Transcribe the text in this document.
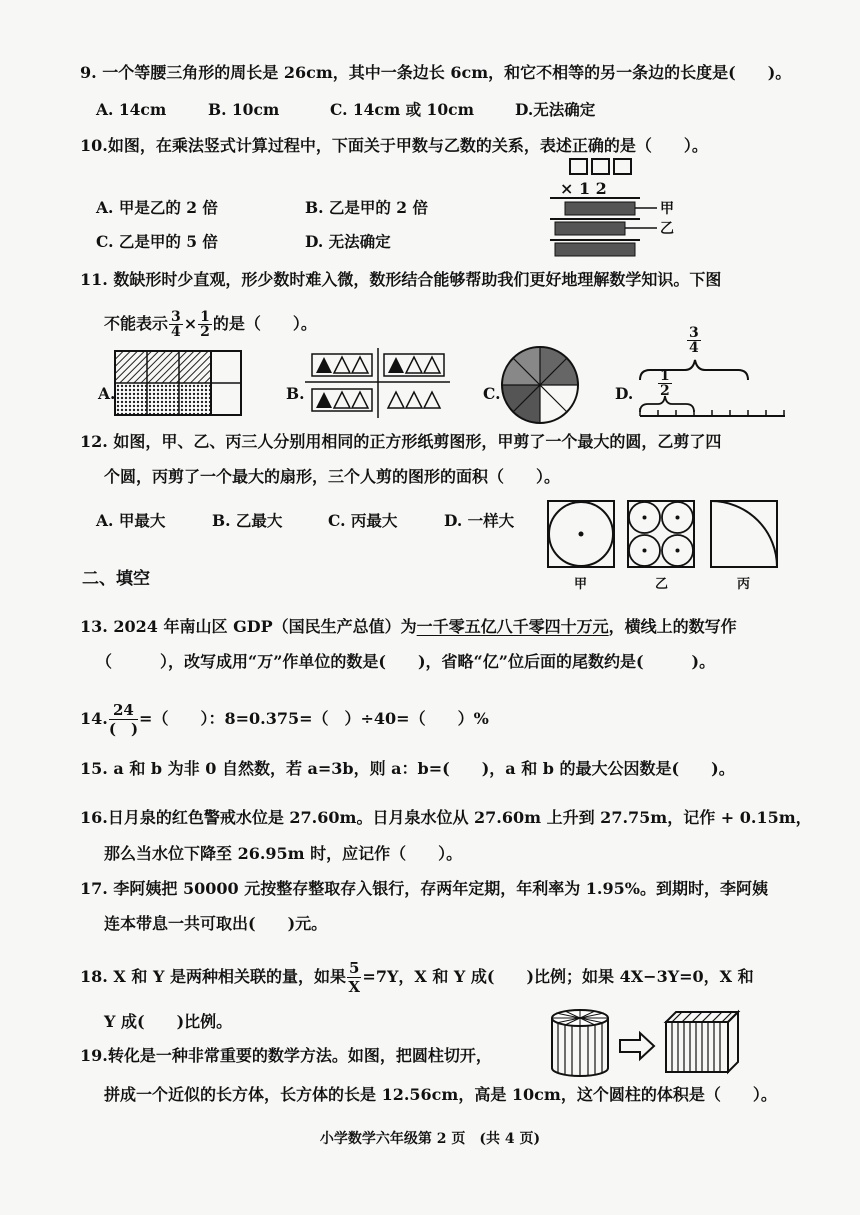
9. 一个等腰三角形的周长是 26cm，其中一条边长 6cm，和它不相等的另一条边的长度是(　　)。
A. 14cm	B. 10cm	C. 14cm 或 10cm	D.无法确定
10.如图，在乘法竖式计算过程中，下面关于甲数与乙数的关系，表述正确的是（　　）。
A. 甲是乙的 2 倍	B. 乙是甲的 2 倍
C. 乙是甲的 5 倍	D. 无法确定
× 1 2
甲
乙
11. 数缺形时少直观，形少数时难入微，数形结合能够帮助我们更好地理解数学知识。下图
不能表示 $\frac{3}{4} \times \frac{1}{2}$ 的是（　　）。
A.	B.	C.	D.
$\frac{3}{4}$
$\frac{1}{2}$
12. 如图，甲、乙、丙三人分别用相同的正方形纸剪图形，甲剪了一个最大的圆，乙剪了四
个圆，丙剪了一个最大的扇形，三个人剪的图形的面积（　　）。
A. 甲最大	B. 乙最大	C. 丙最大	D. 一样大
甲	乙	丙
二、填空
13. 2024 年南山区 GDP（国民生产总值）为一千零五亿八千零四十万元，横线上的数写作
（　　　），改写成用“万”作单位的数是(　　)，省略“亿”位后面的尾数约是(　　　)。
14. $\frac{24}{( )}$ =（　　）：8=0.375=（　）÷40=（　　）%
15. a 和 b 为非 0 自然数，若 a=3b，则 a：b=(　　)，a 和 b 的最大公因数是(　　)。
16.日月泉的红色警戒水位是 27.60m。日月泉水位从 27.60m 上升到 27.75m，记作 + 0.15m，
那么当水位下降至 26.95m 时，应记作（　　）。
17. 李阿姨把 50000 元按整存整取存入银行，存两年定期，年利率为 1.95%。到期时，李阿姨
连本带息一共可取出(　　)元。
18. X 和 Y 是两种相关联的量，如果 $\frac{5}{X} =7Y$，X 和 Y 成(　　)比例；如果 4X−3Y=0，X 和
Y 成(　　)比例。
19.转化是一种非常重要的数学方法。如图，把圆柱切开，
拼成一个近似的长方体，长方体的长是 12.56cm，高是 10cm，这个圆柱的体积是（　　）。
小学数学六年级第 2 页　(共 4 页)
